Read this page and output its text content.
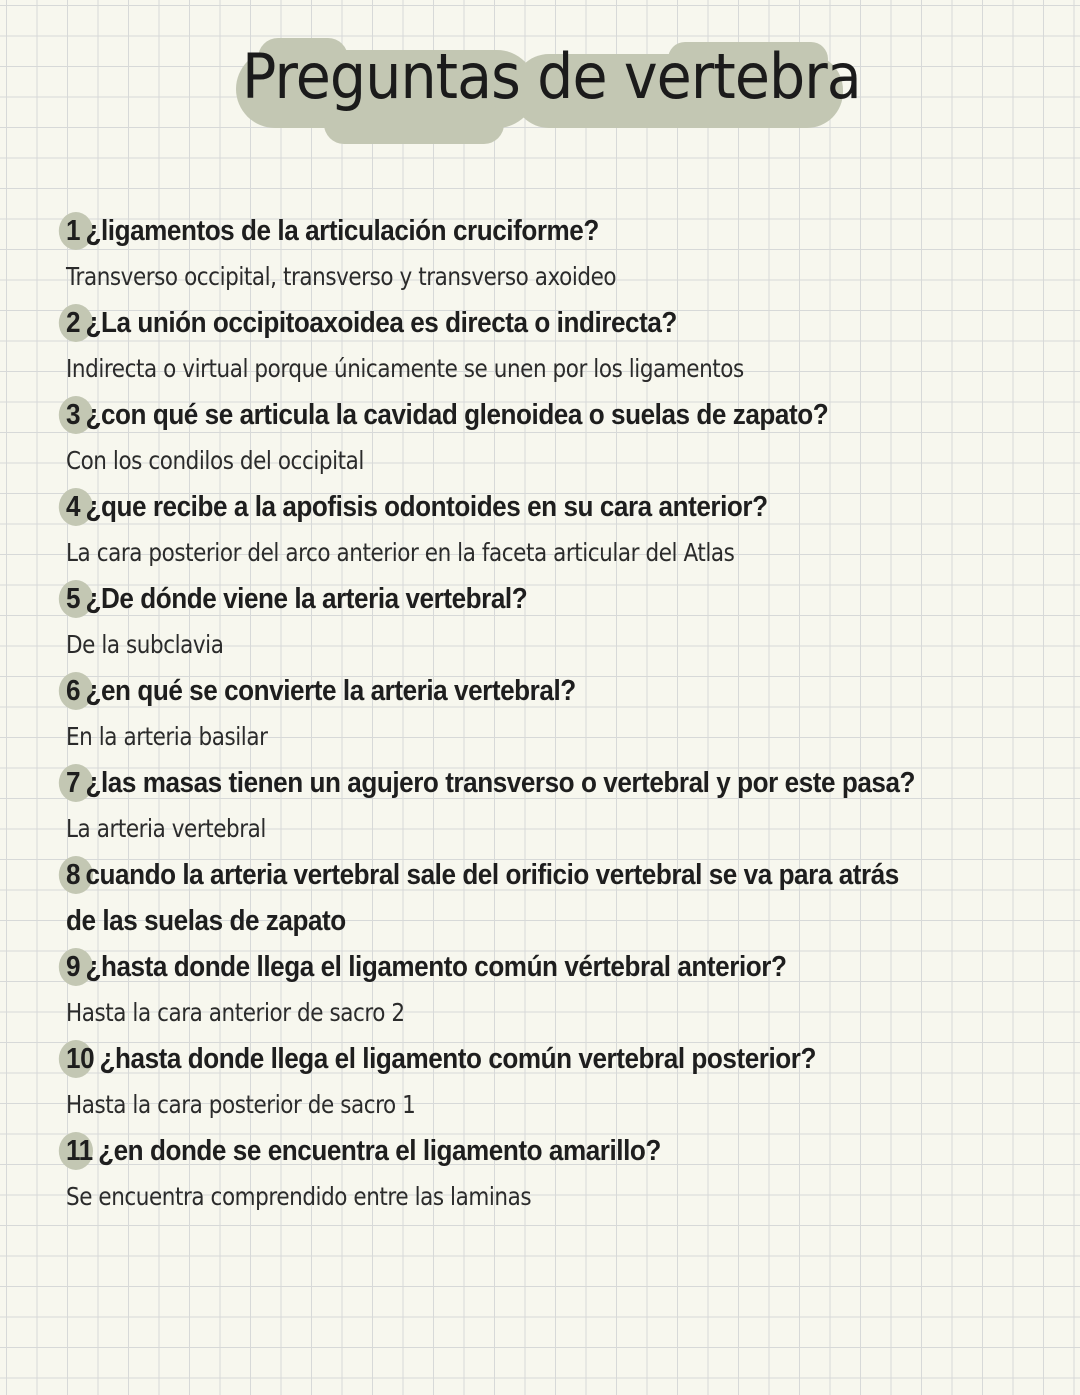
Preguntas de vertebra
1 ¿ligamentos de la articulación cruciforme?
Transverso occipital, transverso y transverso axoideo
2 ¿La unión occipitoaxoidea es directa o indirecta?
Indirecta o virtual porque únicamente se unen por los ligamentos
3 ¿con qué se articula la cavidad glenoidea o suelas de zapato?
Con los condilos del occipital
4 ¿que recibe a la apofisis odontoides en su cara anterior?
La cara posterior del arco anterior en la faceta articular del Atlas
5 ¿De dónde viene la arteria vertebral?
De la subclavia
6 ¿en qué se convierte la arteria vertebral?
En la arteria basilar
7 ¿las masas tienen un agujero transverso o vertebral y por este pasa?
La arteria vertebral
8 cuando la arteria vertebral sale del orificio vertebral se va para atrás de las suelas de zapato
9 ¿hasta donde llega el ligamento común vértebral anterior?
Hasta la cara anterior de sacro 2
10 ¿hasta donde llega el ligamento común vertebral posterior?
Hasta la cara posterior de sacro 1
11 ¿en donde se encuentra el ligamento amarillo?
Se encuentra comprendido entre las laminas
